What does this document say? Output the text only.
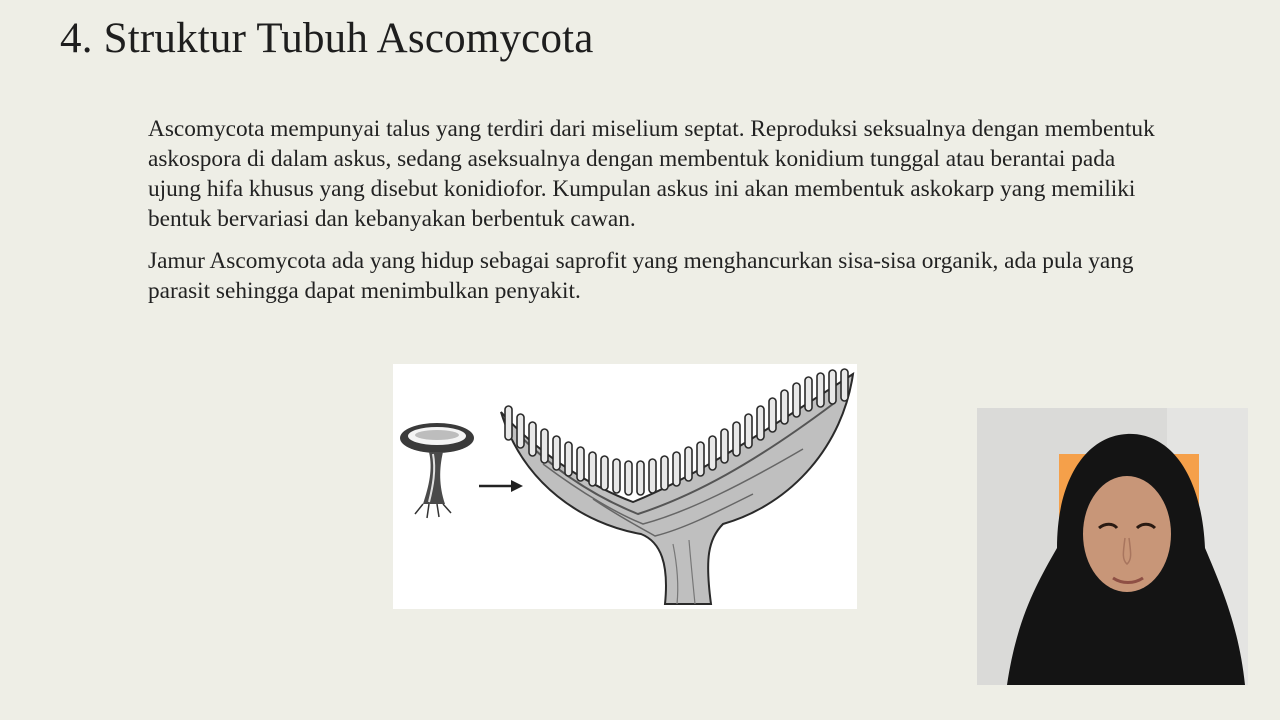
4. Struktur Tubuh Ascomycota

Ascomycota mempunyai talus yang terdiri dari miselium septat. Reproduksi seksualnya dengan membentuk askospora di dalam askus, sedang aseksualnya dengan membentuk konidium tunggal atau berantai pada ujung hifa khusus yang disebut konidiofor. Kumpulan askus ini akan membentuk askokarp yang memiliki bentuk bervariasi dan kebanyakan berbentuk cawan.

Jamur Ascomycota ada yang hidup sebagai saprofit yang menghancurkan sisa-sisa organik, ada pula yang parasit sehingga dapat menimbulkan penyakit.
